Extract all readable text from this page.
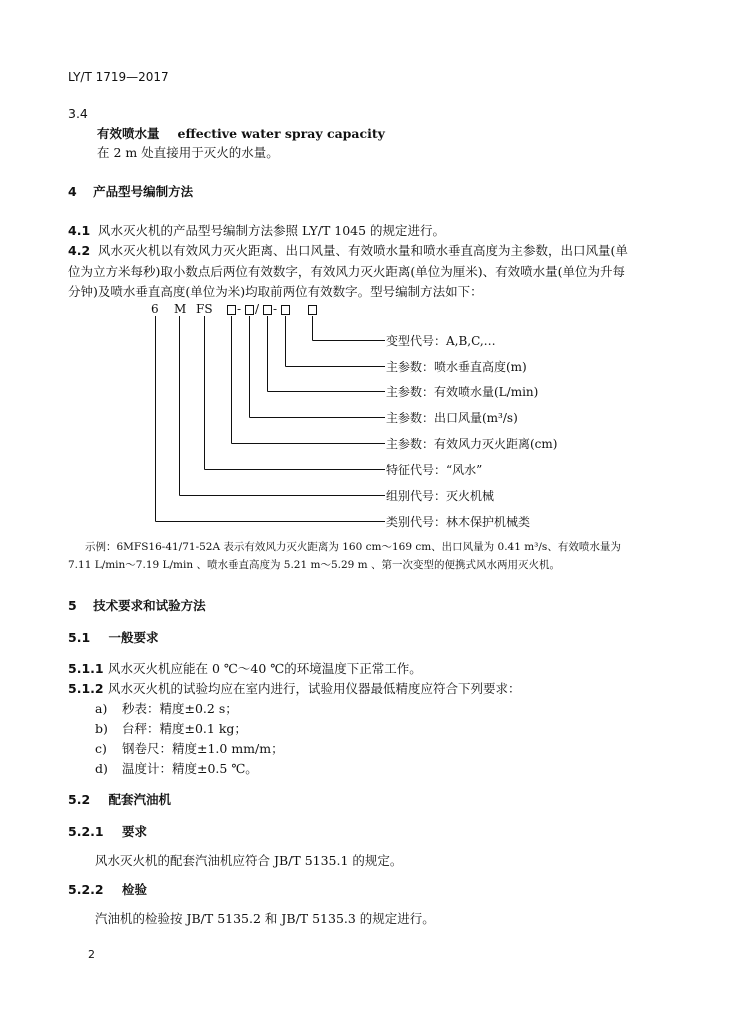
LY/T 1719—2017
3.4
有效喷水量 effective water spray capacity
在 2 m 处直接用于灭火的水量。
4 产品型号编制方法
4.1 风水灭火机的产品型号编制方法参照 LY/T 1045 的规定进行。
4.2 风水灭火机以有效风力灭火距离、出口风量、有效喷水量和喷水垂直高度为主参数，出口风量(单
位为立方米每秒)取小数点后两位有效数字，有效风力灭火距离(单位为厘米)、有效喷水量(单位为升每
分钟)及喷水垂直高度(单位为米)均取前两位有效数字。型号编制方法如下：
6 M FS - / -
变型代号：A,B,C,…
主参数：喷水垂直高度(m)
主参数：有效喷水量(L/min)
主参数：出口风量(m³/s)
主参数：有效风力灭火距离(cm)
特征代号：“风水”
组别代号：灭火机械
类别代号：林木保护机械类
示例：6MFS16-41/71-52A 表示有效风力灭火距离为 160 cm～169 cm、出口风量为 0.41 m³/s、有效喷水量为
7.11 L/min～7.19 L/min 、喷水垂直高度为 5.21 m～5.29 m 、第一次变型的便携式风水两用灭火机。
5 技术要求和试验方法
5.1 一般要求
5.1.1 风水灭火机应能在 0 ℃～40 ℃的环境温度下正常工作。
5.1.2 风水灭火机的试验均应在室内进行，试验用仪器最低精度应符合下列要求：
a) 秒表：精度±0.2 s；
b) 台秤：精度±0.1 kg；
c) 钢卷尺：精度±1.0 mm/m；
d) 温度计：精度±0.5 ℃。
5.2 配套汽油机
5.2.1 要求
风水灭火机的配套汽油机应符合 JB/T 5135.1 的规定。
5.2.2 检验
汽油机的检验按 JB/T 5135.2 和 JB/T 5135.3 的规定进行。
2
